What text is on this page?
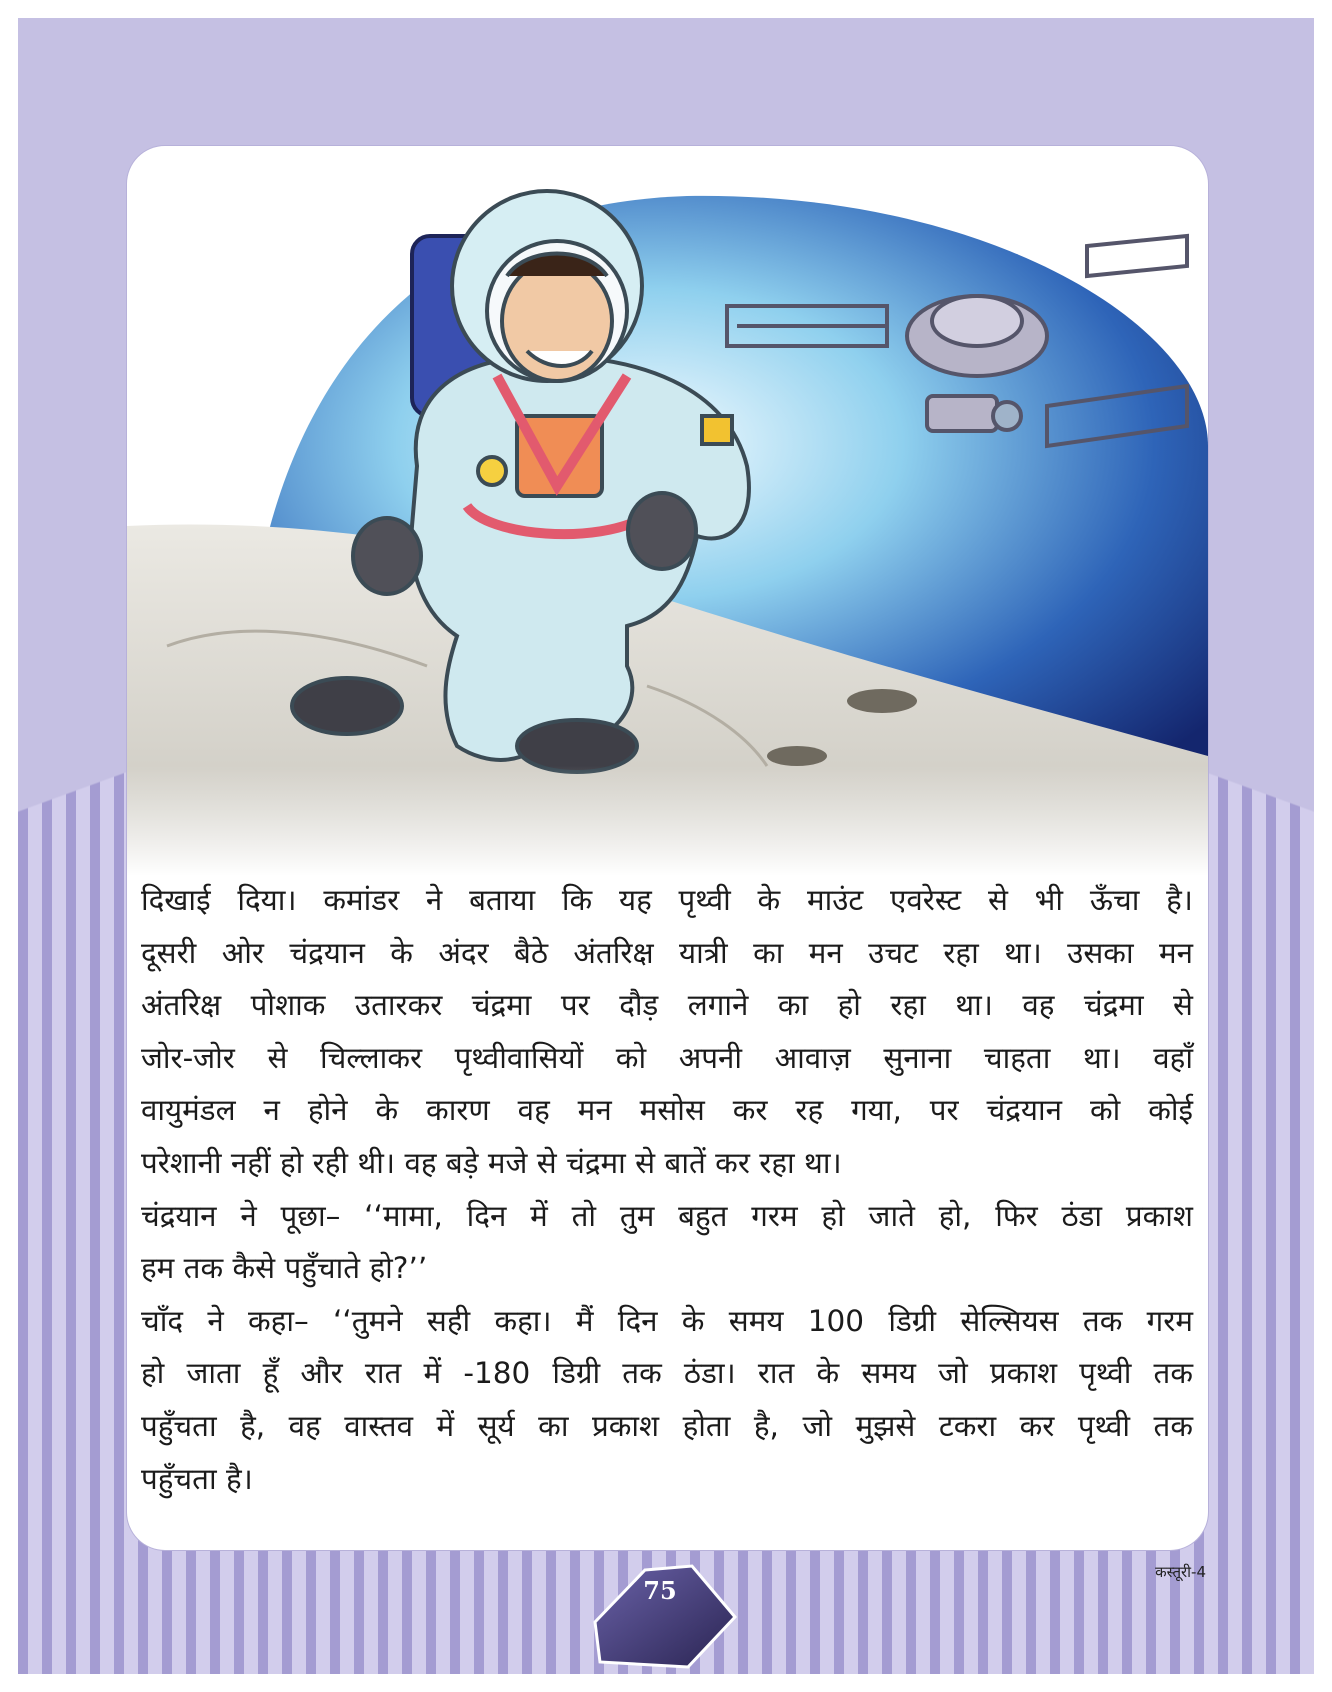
दिखाई दिया। कमांडर ने बताया कि यह पृथ्वी के माउंट एवरेस्ट से भी ऊँचा है।
दूसरी ओर चंद्रयान के अंदर बैठे अंतरिक्ष यात्री का मन उचट रहा था। उसका मन
अंतरिक्ष पोशाक उतारकर चंद्रमा पर दौड़ लगाने का हो रहा था। वह चंद्रमा से
जोर-जोर से चिल्लाकर पृथ्वीवासियों को अपनी आवाज़ सुनाना चाहता था। वहाँ
वायुमंडल न होने के कारण वह मन मसोस कर रह गया, पर चंद्रयान को कोई
परेशानी नहीं हो रही थी। वह बड़े मजे से चंद्रमा से बातें कर रहा था।
चंद्रयान ने पूछा– ‘‘मामा, दिन में तो तुम बहुत गरम हो जाते हो, फिर ठंडा प्रकाश
हम तक कैसे पहुँचाते हो?’’
चाँद ने कहा– ‘‘तुमने सही कहा। मैं दिन के समय 100 डिग्री सेल्सियस तक गरम
हो जाता हूँ और रात में -180 डिग्री तक ठंडा। रात के समय जो प्रकाश पृथ्वी तक
पहुँचता है, वह वास्तव में सूर्य का प्रकाश होता है, जो मुझसे टकरा कर पृथ्वी तक
पहुँचता है।
75
कस्तूरी-4
